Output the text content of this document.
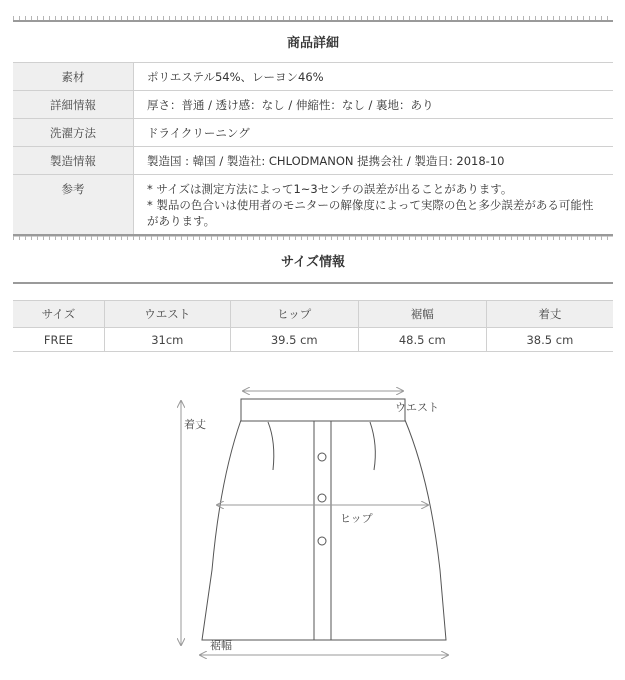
商品詳細
素材	ポリエステル54%、レーヨン46%
詳細情報	厚さ：普通 / 透け感：なし / 伸縮性：なし / 裏地：あり
洗濯方法	ドライクリーニング
製造情報	製造国 : 韓国 / 製造社: CHLODMANON 提携会社 / 製造日: 2018-10
参考	* サイズは測定方法によって1~3センチの誤差が出ることがあります。
* 製品の色合いは使用者のモニターの解像度によって実際の色と多少誤差がある可能性があります。
サイズ情報
サイズ	ウエスト	ヒップ	裾幅	着丈
FREE	31cm	39.5 cm	48.5 cm	38.5 cm
ウエスト
着丈
ヒップ
裾幅
